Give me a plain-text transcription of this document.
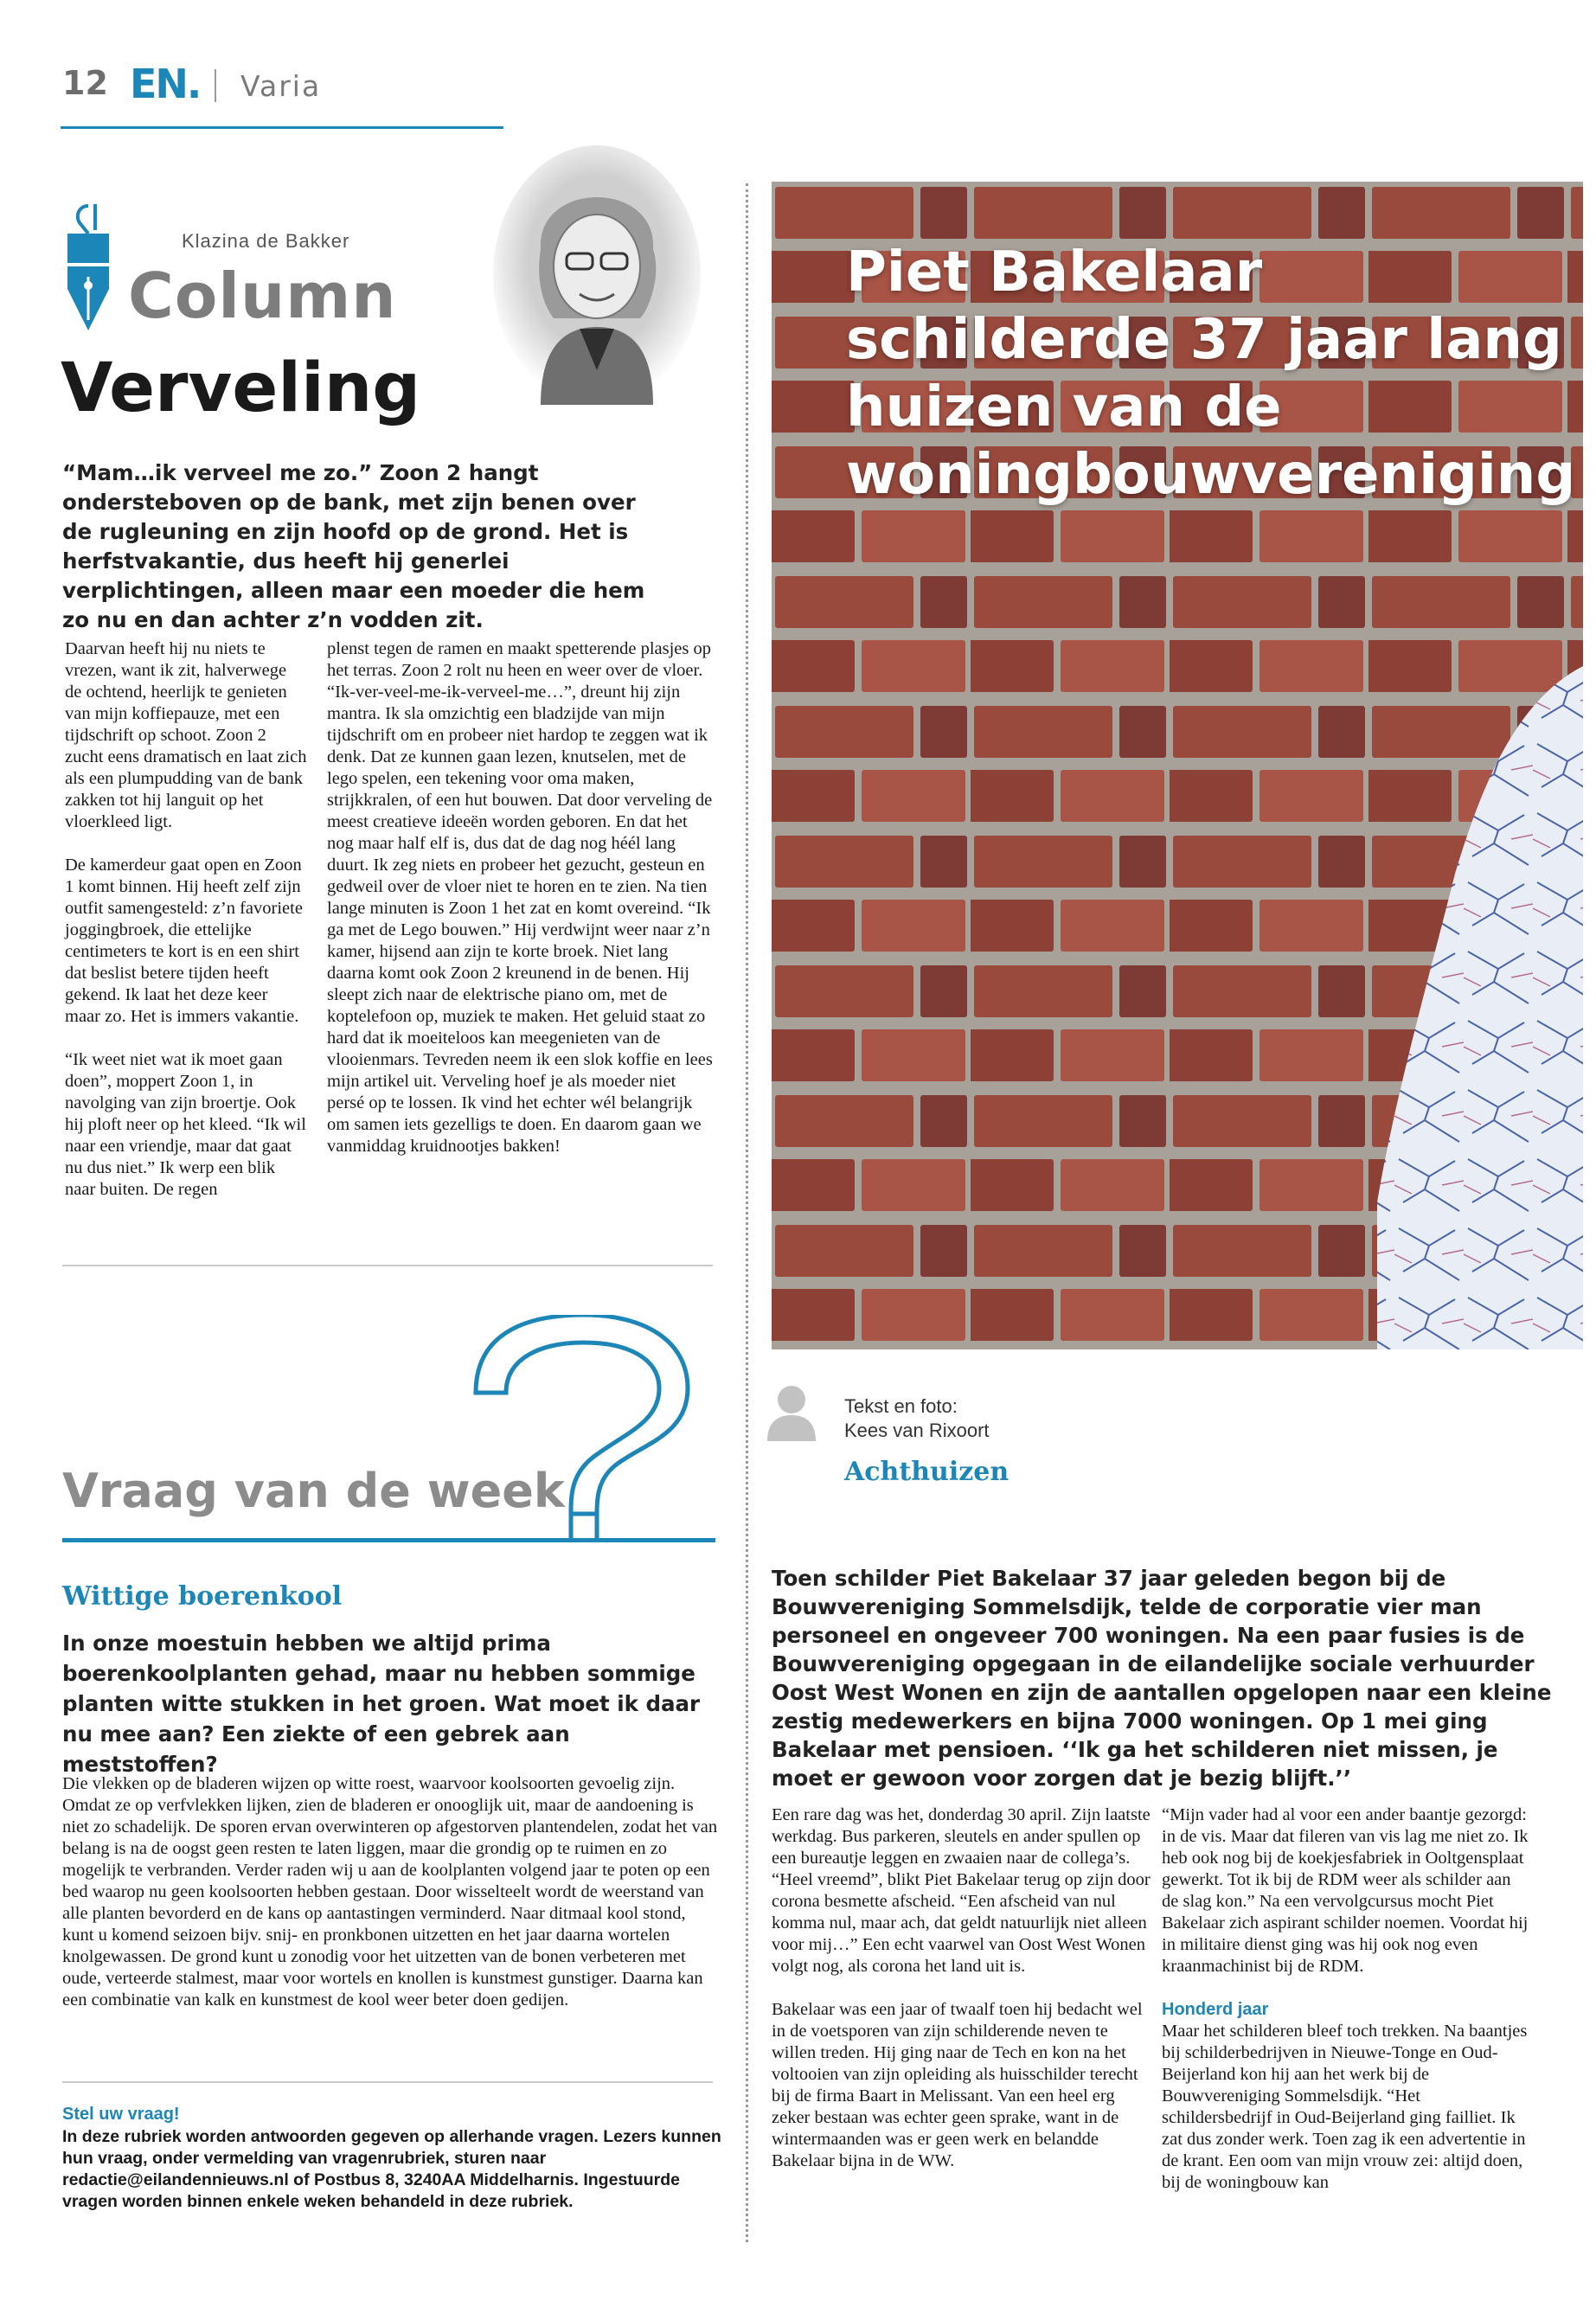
12 EN. Varia
Klazina de Bakker
Column
Verveling
“Mam…ik verveel me zo.” Zoon 2 hangt ondersteboven op de bank, met zijn benen over de rugleuning en zijn hoofd op de grond. Het is herfstvakantie, dus heeft hij generlei verplichtingen, alleen maar een moeder die hem zo nu en dan achter z’n vodden zit.

Daarvan heeft hij nu niets te vrezen, want ik zit, halverwege de ochtend, heerlijk te genieten van mijn koffiepauze, met een tijdschrift op schoot. Zoon 2 zucht eens dramatisch en laat zich als een plumpudding van de bank zakken tot hij languit op het vloerkleed ligt.

De kamerdeur gaat open en Zoon 1 komt binnen. Hij heeft zelf zijn outfit samengesteld: z’n favoriete joggingbroek, die ettelijke centimeters te kort is en een shirt dat beslist betere tijden heeft gekend. Ik laat het deze keer maar zo. Het is immers vakantie.

“Ik weet niet wat ik moet gaan doen”, moppert Zoon 1, in navolging van zijn broertje. Ook hij ploft neer op het kleed. “Ik wil naar een vriendje, maar dat gaat nu dus niet.” Ik werp een blik naar buiten. De regen

plenst tegen de ramen en maakt spetterende plasjes op het terras. Zoon 2 rolt nu heen en weer over de vloer. “Ik-ver-veel-me-ik-verveel-me…”, dreunt hij zijn mantra. Ik sla omzichtig een bladzijde van mijn tijdschrift om en probeer niet hardop te zeggen wat ik denk. Dat ze kunnen gaan lezen, knutselen, met de lego spelen, een tekening voor oma maken, strijkkralen, of een hut bouwen. Dat door verveling de meest creatieve ideeën worden geboren. En dat het nog maar half elf is, dus dat de dag nog héél lang duurt. Ik zeg niets en probeer het gezucht, gesteun en gedweil over de vloer niet te horen en te zien. Na tien lange minuten is Zoon 1 het zat en komt overeind. “Ik ga met de Lego bouwen.” Hij verdwijnt weer naar z’n kamer, hijsend aan zijn te korte broek. Niet lang daarna komt ook Zoon 2 kreunend in de benen. Hij sleept zich naar de elektrische piano om, met de koptelefoon op, muziek te maken. Het geluid staat zo hard dat ik moeiteloos kan meegenieten van de vlooienmars. Tevreden neem ik een slok koffie en lees mijn artikel uit. Verveling hoef je als moeder niet persé op te lossen. Ik vind het echter wél belangrijk om samen iets gezelligs te doen. En daarom gaan we vanmiddag kruidnootjes bakken!

Vraag van de week
Wittige boerenkool
In onze moestuin hebben we altijd prima boerenkoolplanten gehad, maar nu hebben sommige planten witte stukken in het groen. Wat moet ik daar nu mee aan? Een ziekte of een gebrek aan meststoffen?
Die vlekken op de bladeren wijzen op witte roest, waarvoor koolsoorten gevoelig zijn. Omdat ze op verfvlekken lijken, zien de bladeren er onooglijk uit, maar de aandoening is niet zo schadelijk. De sporen ervan overwinteren op afgestorven plantendelen, zodat het van belang is na de oogst geen resten te laten liggen, maar die grondig op te ruimen en zo mogelijk te verbranden. Verder raden wij u aan de koolplanten volgend jaar te poten op een bed waarop nu geen koolsoorten hebben gestaan. Door wisselteelt wordt de weerstand van alle planten bevorderd en de kans op aantastingen verminderd. Naar ditmaal kool stond, kunt u komend seizoen bijv. snij- en pronkbonen uitzetten en het jaar daarna wortelen knolgewassen. De grond kunt u zonodig voor het uitzetten van de bonen verbeteren met oude, verteerde stalmest, maar voor wortels en knollen is kunstmest gunstiger. Daarna kan een combinatie van kalk en kunstmest de kool weer beter doen gedijen.
Stel uw vraag!
In deze rubriek worden antwoorden gegeven op allerhande vragen. Lezers kunnen hun vraag, onder vermelding van vragenrubriek, sturen naar redactie@eilandennieuws.nl of Postbus 8, 3240AA Middelharnis. Ingestuurde vragen worden binnen enkele weken behandeld in deze rubriek.
Piet Bakelaar schilderde 37 jaar lang huizen van de woningbouwvereniging
Tekst en foto:
Kees van Rixoort
Achthuizen
Toen schilder Piet Bakelaar 37 jaar geleden begon bij de Bouwvereniging Sommelsdijk, telde de corporatie vier man personeel en ongeveer 700 woningen. Na een paar fusies is de Bouwvereniging opgegaan in de eilandelijke sociale verhuurder Oost West Wonen en zijn de aantallen opgelopen naar een kleine zestig medewerkers en bijna 7000 woningen. Op 1 mei ging Bakelaar met pensioen. ‘‘Ik ga het schilderen niet missen, je moet er gewoon voor zorgen dat je bezig blijft.’’

Een rare dag was het, donderdag 30 april. Zijn laatste werkdag. Bus parkeren, sleutels en ander spullen op een bureautje leggen en zwaaien naar de collega’s. “Heel vreemd”, blikt Piet Bakelaar terug op zijn door corona besmette afscheid. “Een afscheid van nul komma nul, maar ach, dat geldt natuurlijk niet alleen voor mij…” Een echt vaarwel van Oost West Wonen volgt nog, als corona het land uit is.

Bakelaar was een jaar of twaalf toen hij bedacht wel in de voetsporen van zijn schilderende neven te willen treden. Hij ging naar de Tech en kon na het voltooien van zijn opleiding als huisschilder terecht bij de firma Baart in Melissant. Van een heel erg zeker bestaan was echter geen sprake, want in de wintermaanden was er geen werk en belandde Bakelaar bijna in de WW.

“Mijn vader had al voor een ander baantje gezorgd: in de vis. Maar dat fileren van vis lag me niet zo. Ik heb ook nog bij de koekjesfabriek in Ooltgensplaat gewerkt. Tot ik bij de RDM weer als schilder aan de slag kon.” Na een vervolgcursus mocht Piet Bakelaar zich aspirant schilder noemen. Voordat hij in militaire dienst ging was hij ook nog even kraanmachinist bij de RDM.

Honderd jaar

Maar het schilderen bleef toch trekken. Na baantjes bij schilderbedrijven in Nieuwe-Tonge en Oud-Beijerland kon hij aan het werk bij de Bouwvereniging Sommelsdijk. “Het schildersbedrijf in Oud-Beijerland ging failliet. Ik zat dus zonder werk. Toen zag ik een advertentie in de krant. Een oom van mijn vrouw zei: altijd doen, bij de woningbouw kan
